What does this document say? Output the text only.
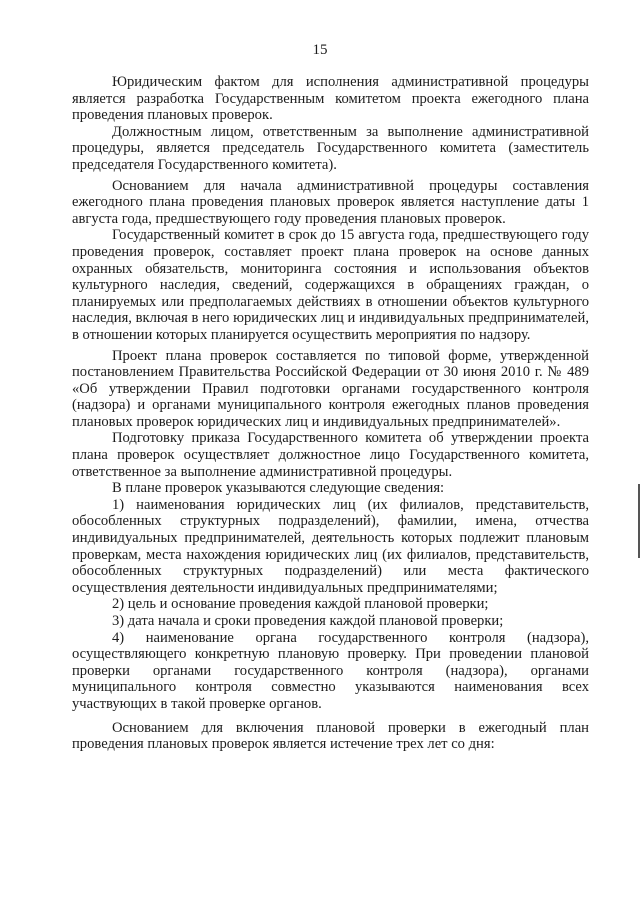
15

Юридическим фактом для исполнения административной процедуры является разработка Государственным комитетом проекта ежегодного плана проведения плановых проверок.

Должностным лицом, ответственным за выполнение административной процедуры, является председатель Государственного комитета (заместитель председателя Государственного комитета).

Основанием для начала административной процедуры составления ежегодного плана проведения плановых проверок является наступление даты 1 августа года, предшествующего году проведения плановых проверок.

Государственный комитет в срок до 15 августа года, предшествующего году проведения проверок, составляет проект плана проверок на основе данных охранных обязательств, мониторинга состояния и использования объектов культурного наследия, сведений, содержащихся в обращениях граждан, о планируемых или предполагаемых действиях в отношении объектов культурного наследия, включая в него юридических лиц и индивидуальных предпринимателей, в отношении которых планируется осуществить мероприятия по надзору.

Проект плана проверок составляется по типовой форме, утвержденной постановлением Правительства Российской Федерации от 30 июня 2010 г. № 489 «Об утверждении Правил подготовки органами государственного контроля (надзора) и органами муниципального контроля ежегодных планов проведения плановых проверок юридических лиц и индивидуальных предпринимателей».

Подготовку приказа Государственного комитета об утверждении проекта плана проверок осуществляет должностное лицо Государственного комитета, ответственное за выполнение административной процедуры.

В плане проверок указываются следующие сведения:

1) наименования юридических лиц (их филиалов, представительств, обособленных структурных подразделений), фамилии, имена, отчества индивидуальных предпринимателей, деятельность которых подлежит плановым проверкам, места нахождения юридических лиц (их филиалов, представительств, обособленных структурных подразделений) или места фактического осуществления деятельности индивидуальных предпринимателями;

2) цель и основание проведения каждой плановой проверки;

3) дата начала и сроки проведения каждой плановой проверки;

4) наименование органа государственного контроля (надзора), осуществляющего конкретную плановую проверку. При проведении плановой проверки органами государственного контроля (надзора), органами муниципального контроля совместно указываются наименования всех участвующих в такой проверке органов.

Основанием для включения плановой проверки в ежегодный план проведения плановых проверок является истечение трех лет со дня:
